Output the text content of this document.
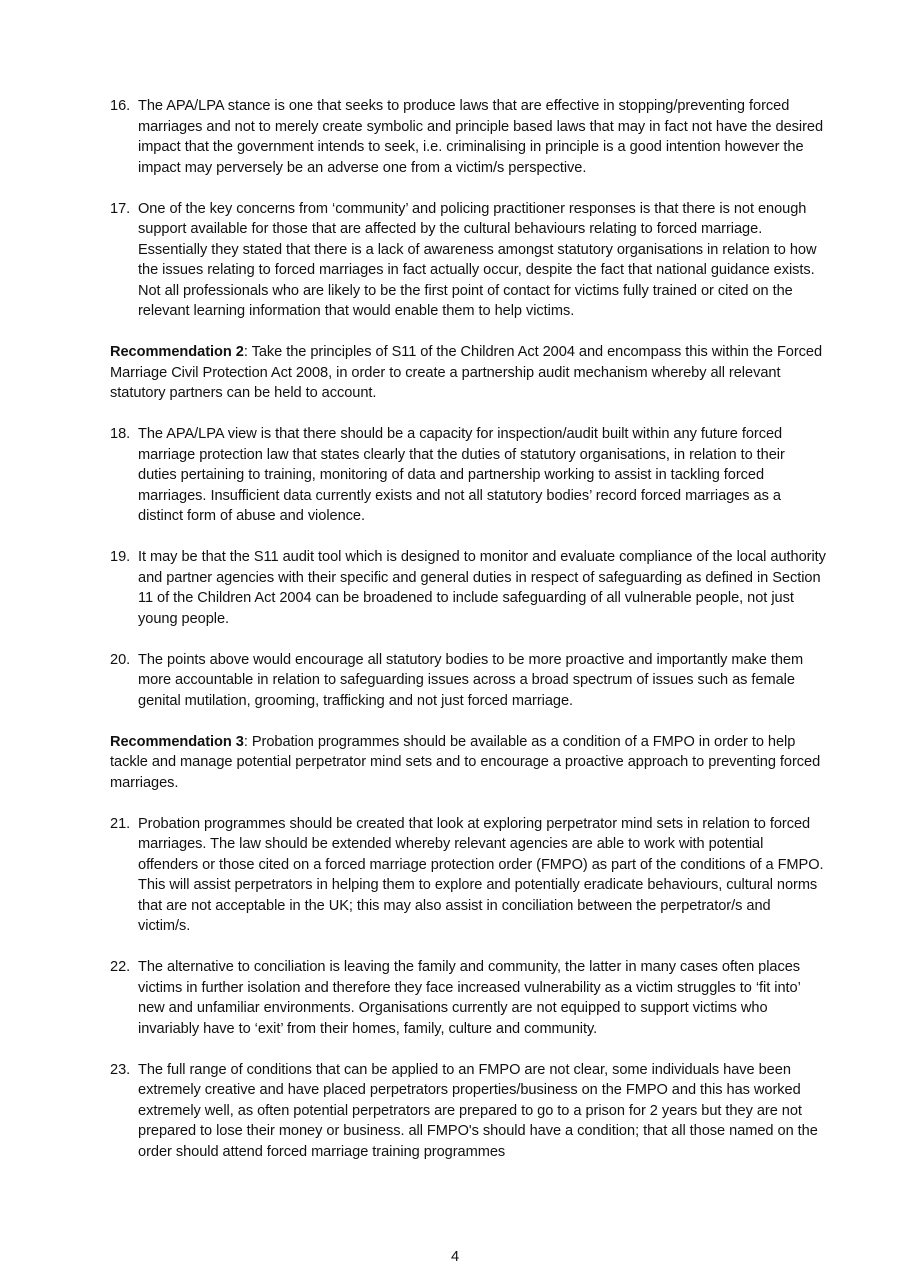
16. The APA/LPA stance is one that seeks to produce laws that are effective in stopping/preventing forced marriages and not to merely create symbolic and principle based laws that may in fact not have the desired impact that the government intends to seek, i.e. criminalising in principle is a good intention however the impact may perversely be an adverse one from a victim/s perspective.
17. One of the key concerns from ‘community’ and policing practitioner responses is that there is not enough support available for those that are affected by the cultural behaviours relating to forced marriage. Essentially they stated that there is a lack of awareness amongst statutory organisations in relation to how the issues relating to forced marriages in fact actually occur, despite the fact that national guidance exists. Not all professionals who are likely to be the first point of contact for victims fully trained or cited on the relevant learning information that would enable them to help victims.

Recommendation 2: Take the principles of S11 of the Children Act 2004 and encompass this within the Forced Marriage Civil Protection Act 2008, in order to create a partnership audit mechanism whereby all relevant statutory partners can be held to account.

18. The APA/LPA view is that there should be a capacity for inspection/audit built within any future forced marriage protection law that states clearly that the duties of statutory organisations, in relation to their duties pertaining to training, monitoring of data and partnership working to assist in tackling forced marriages. Insufficient data currently exists and not all statutory bodies’ record forced marriages as a distinct form of abuse and violence.
19. It may be that the S11 audit tool which is designed to monitor and evaluate compliance of the local authority and partner agencies with their specific and general duties in respect of safeguarding as defined in Section 11 of the Children Act 2004 can be broadened to include safeguarding of all vulnerable people, not just young people.
20. The points above would encourage all statutory bodies to be more proactive and importantly make them more accountable in relation to safeguarding issues across a broad spectrum of issues such as female genital mutilation, grooming, trafficking and not just forced marriage.

Recommendation 3: Probation programmes should be available as a condition of a FMPO in order to help tackle and manage potential perpetrator mind sets and to encourage a proactive approach to preventing forced marriages.

21. Probation programmes should be created that look at exploring perpetrator mind sets in relation to forced marriages. The law should be extended whereby relevant agencies are able to work with potential offenders or those cited on a forced marriage protection order (FMPO) as part of the conditions of a FMPO. This will assist perpetrators in helping them to explore and potentially eradicate behaviours, cultural norms that are not acceptable in the UK; this may also assist in conciliation between the perpetrator/s and victim/s.
22. The alternative to conciliation is leaving the family and community, the latter in many cases often places victims in further isolation and therefore they face increased vulnerability as a victim struggles to ‘fit into’ new and unfamiliar environments. Organisations currently are not equipped to support victims who invariably have to ‘exit’ from their homes, family, culture and community.
23. The full range of conditions that can be applied to an FMPO are not clear, some individuals have been extremely creative and have placed perpetrators properties/business on the FMPO and this has worked extremely well, as often potential perpetrators are prepared to go to a prison for 2 years but they are not prepared to lose their money or business. all FMPO's should have a condition; that all those named on the order should attend forced marriage training programmes
4
